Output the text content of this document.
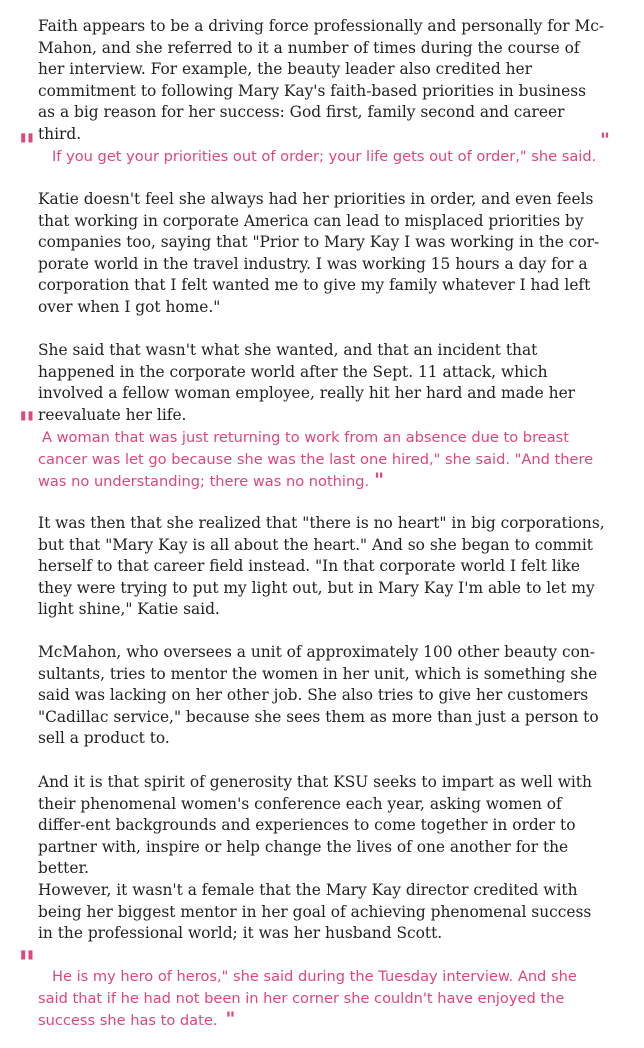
Faith appears to be a driving force professionally and personally for Mc-Mahon, and she referred to it a number of times during the course of her interview. For example, the beauty leader also credited her commitment to following Mary Kay's faith-based priorities in business as a big reason for her success: God first, family second and career third.

" If you get your priorities out of order; your life gets out of order," she said.

"

Katie doesn't feel she always had her priorities in order, and even feels that working in corporate America can lead to misplaced priorities by companies too, saying that "Prior to Mary Kay I was working in the cor-porate world in the travel industry. I was working 15 hours a day for a corporation that I felt wanted me to give my family whatever I had left over when I got home."

She said that wasn't what she wanted, and that an incident that happened in the corporate world after the Sept. 11 attack, which involved a fellow woman employee, really hit her hard and made her reevaluate her life.

" A woman that was just returning to work from an absence due to breast cancer was let go because she was the last one hired," she said. "And there was no understanding; there was no nothing. "

It was then that she realized that "there is no heart" in big corporations, but that "Mary Kay is all about the heart." And so she began to commit herself to that career field instead. "In that corporate world I felt like they were trying to put my light out, but in Mary Kay I'm able to let my light shine," Katie said.

McMahon, who oversees a unit of approximately 100 other beauty con-sultants, tries to mentor the women in her unit, which is something she said was lacking on her other job. She also tries to give her customers "Cadillac service," because she sees them as more than just a person to sell a product to.

And it is that spirit of generosity that KSU seeks to impart as well with their phenomenal women's conference each year, asking women of differ-ent backgrounds and experiences to come together in order to partner with, inspire or help change the lives of one another for the better.

However, it wasn't a female that the Mary Kay director credited with being her biggest mentor in her goal of achieving phenomenal success in the professional world; it was her husband Scott.

"	He is my hero of heros," she said during the Tuesday interview. And she said that if he had not been in her corner she couldn't have enjoyed the success she has to date. "
